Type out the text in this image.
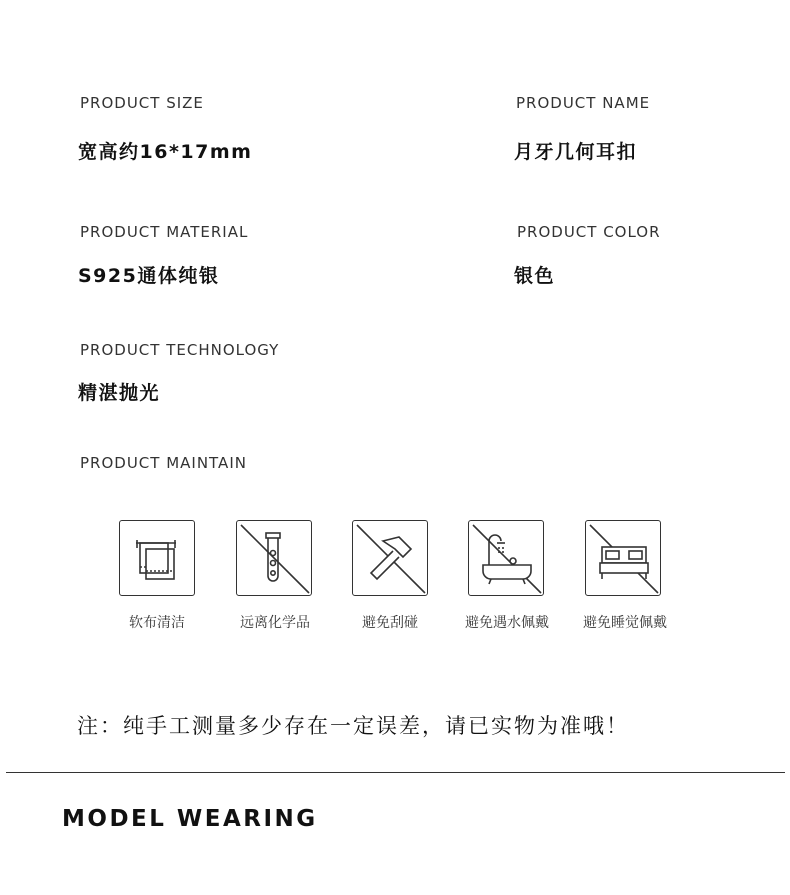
PRODUCT SIZE
宽高约16*17mm
PRODUCT NAME
月牙几何耳扣
PRODUCT MATERIAL
S925通体纯银
PRODUCT COLOR
银色
PRODUCT TECHNOLOGY
精湛抛光
PRODUCT MAINTAIN
软布清洁	远离化学品	避免刮碰	避免遇水佩戴	避免睡觉佩戴
注：纯手工测量多少存在一定误差，请已实物为准哦！
MODEL WEARING
